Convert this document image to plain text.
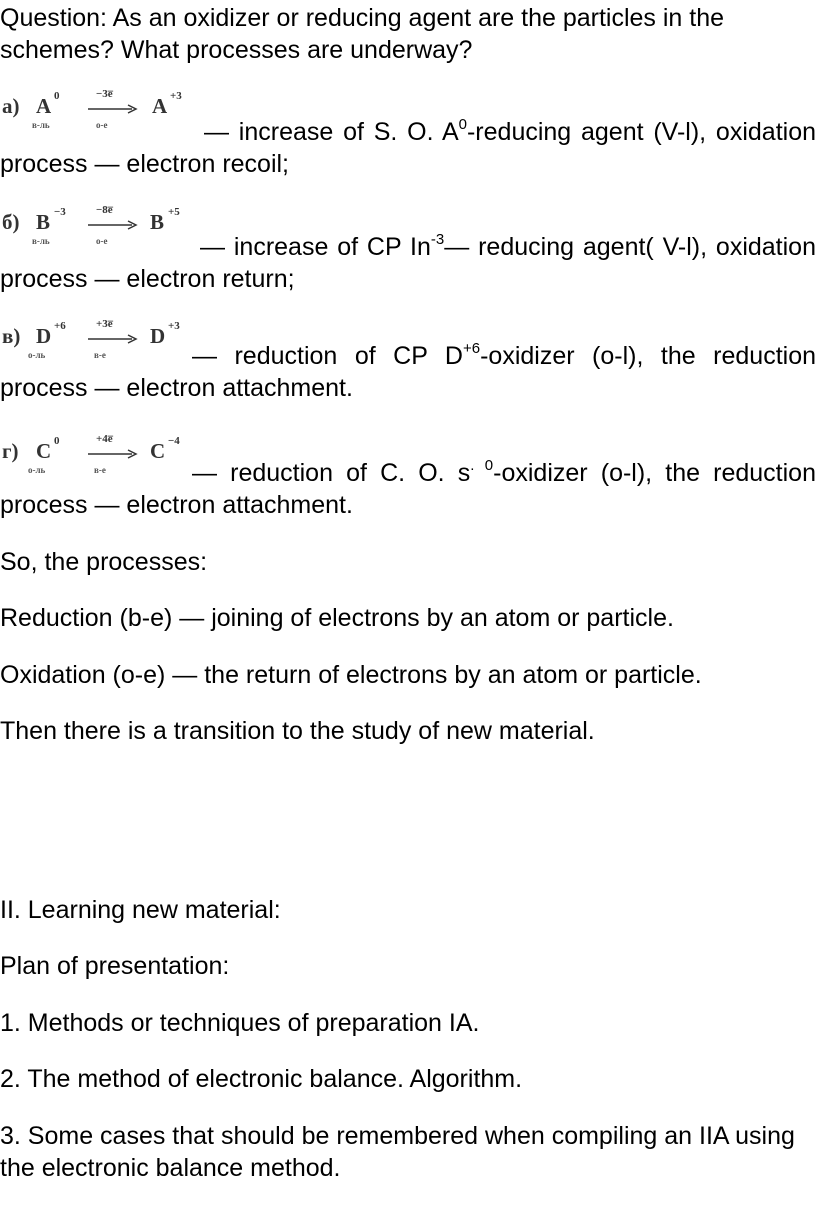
Question: As an oxidizer or reducing agent are the particles in the schemes? What processes are underway?
a) A 0
в-ль
−3e̅
о-е
A +3
— increase of S. O. $A^0$-reducing agent (V-l), oxidation process — electron recoil;
б) B −3
в-ль
−8e̅
о-е
B +5
— increase of CP $In^{-3}—$ reducing agent( V-l), oxidation process — electron return;
в) D +6
о-ль
+3e̅
в-е
D +3
— reduction of CP $D^{+6}$-oxidizer (o-l), the reduction process — electron attachment.
г) C 0
о-ль
+4e̅
в-е
C −4
— reduction of C. O. $s^{. 0}$-oxidizer (o-l), the reduction process — electron attachment.
So, the processes:
Reduction (b-e) — joining of electrons by an atom or particle.
Oxidation (o-e) — the return of electrons by an atom or particle.
Then there is a transition to the study of new material.
II. Learning new material:
Plan of presentation:
1. Methods or techniques of preparation IA.
2. The method of electronic balance. Algorithm.
3. Some cases that should be remembered when compiling an IIA using the electronic balance method.
